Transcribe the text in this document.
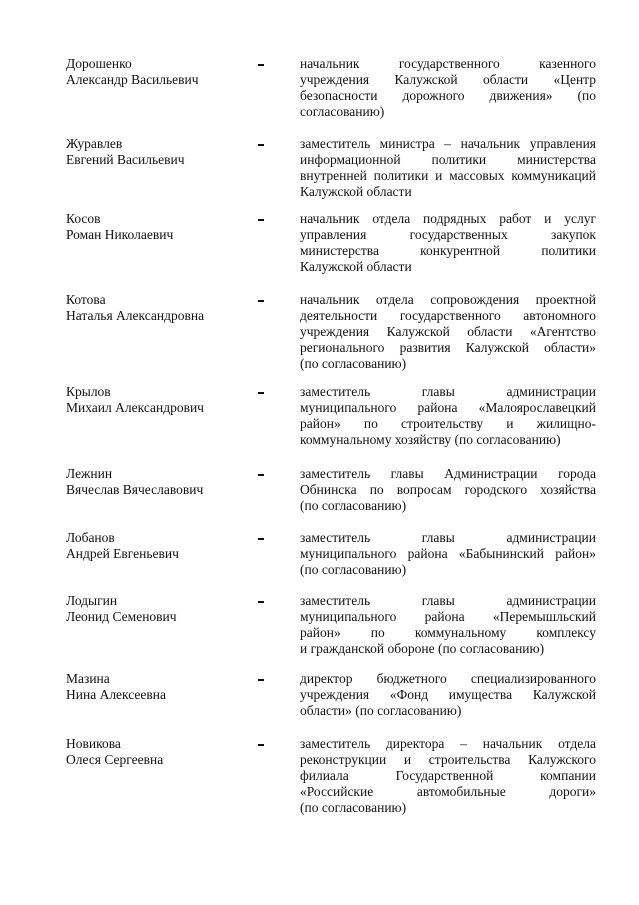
Дорошенко
Александр Васильевич
начальник государственного казенного
учреждения Калужской области «Центр
безопасности дорожного движения» (по
согласованию)
Журавлев
Евгений Васильевич
заместитель министра – начальник управления
информационной политики министерства
внутренней политики и массовых коммуникаций
Калужской области
Косов
Роман Николаевич
начальник отдела подрядных работ и услуг
управления государственных закупок
министерства конкурентной политики
Калужской области
Котова
Наталья Александровна
начальник отдела сопровождения проектной
деятельности государственного автономного
учреждения Калужской области «Агентство
регионального развития Калужской области»
(по согласованию)
Крылов
Михаил Александрович
заместитель главы администрации
муниципального района «Малоярославецкий
район» по строительству и жилищно-
коммунальному хозяйству (по согласованию)
Лежнин
Вячеслав Вячеславович
заместитель главы Администрации города
Обнинска по вопросам городского хозяйства
(по согласованию)
Лобанов
Андрей Евгеньевич
заместитель главы администрации
муниципального района «Бабынинский район»
(по согласованию)
Лодыгин
Леонид Семенович
заместитель главы администрации
муниципального района «Перемышльский
район» по коммунальному комплексу
и гражданской обороне (по согласованию)
Мазина
Нина Алексеевна
директор бюджетного специализированного
учреждения «Фонд имущества Калужской
области» (по согласованию)
Новикова
Олеся Сергеевна
заместитель директора – начальник отдела
реконструкции и строительства Калужского
филиала Государственной компании
«Российские автомобильные дороги»
(по согласованию)
